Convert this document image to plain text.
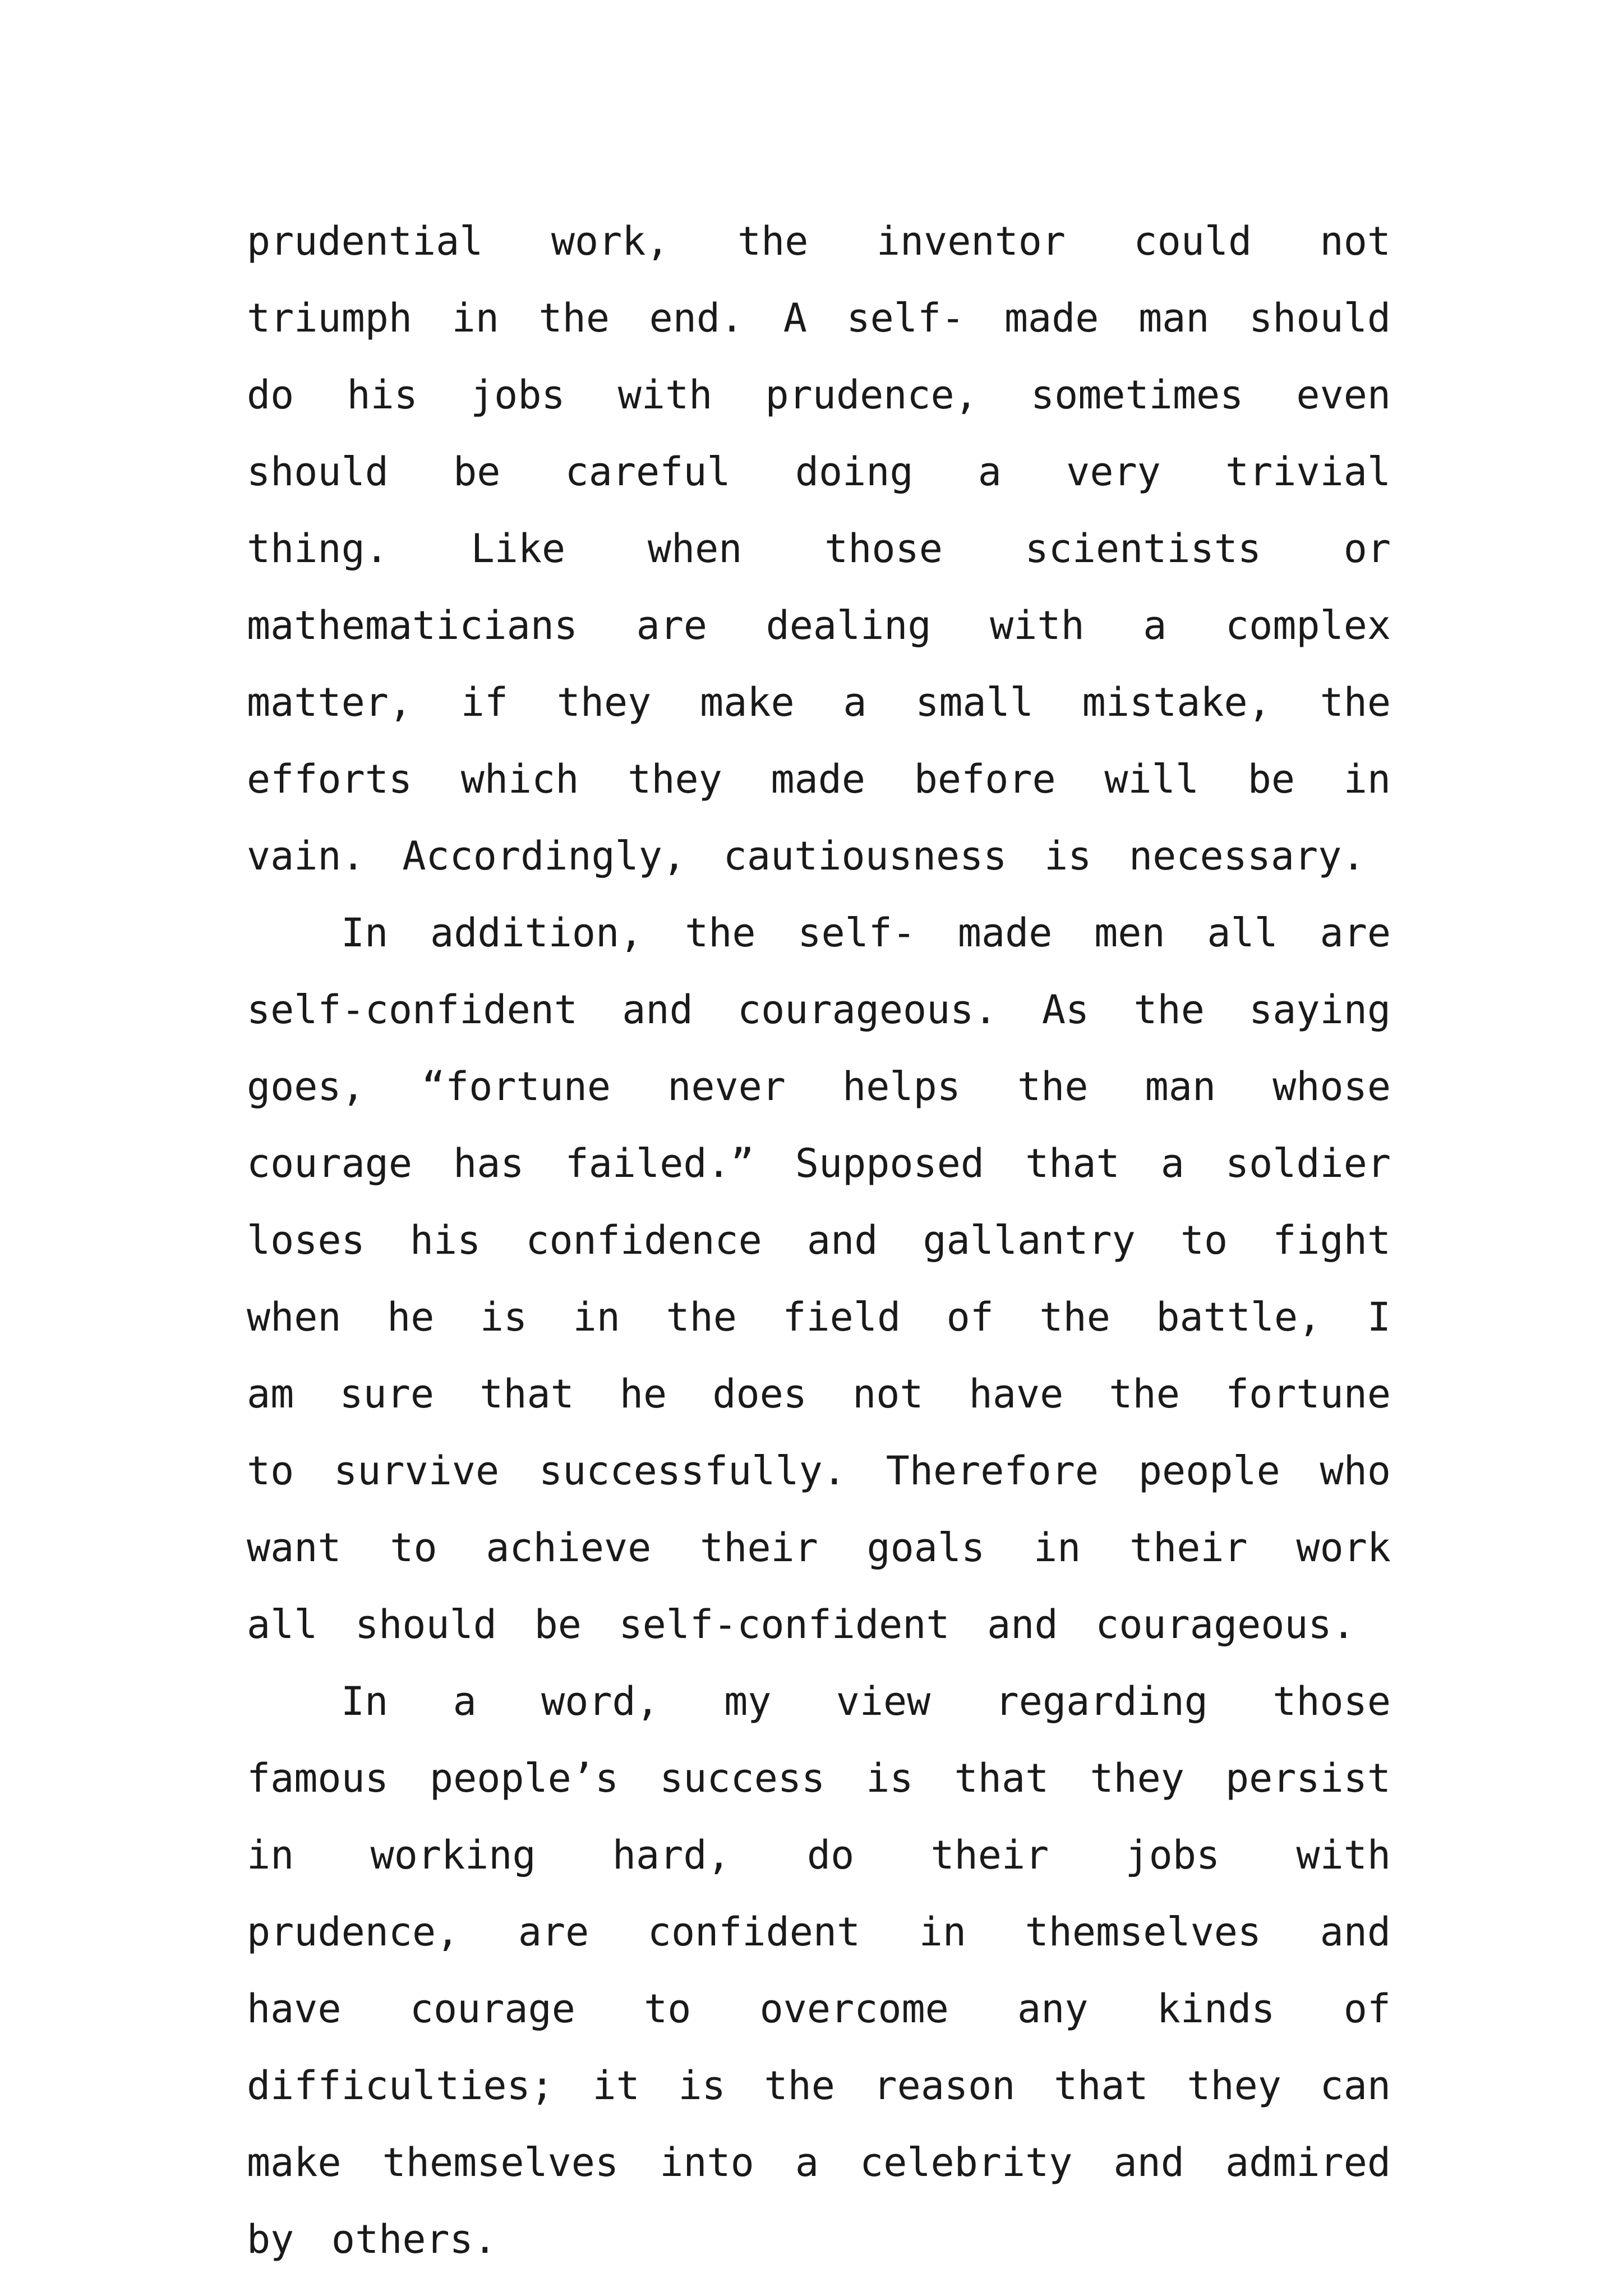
prudential work, the inventor could not triumph in the end. A self- made man should do his jobs with prudence, sometimes even should be careful doing a very trivial thing. Like when those scientists or mathematicians are dealing with a complex matter, if they make a small mistake, the efforts which they made before will be in vain. Accordingly, cautiousness is necessary.

In addition, the self- made men all are self-confident and courageous. As the saying goes, “fortune never helps the man whose courage has failed.” Supposed that a soldier loses his confidence and gallantry to fight when he is in the field of the battle, I am sure that he does not have the fortune to survive successfully. Therefore people who want to achieve their goals in their work all should be self-confident and courageous.

In a word, my view regarding those famous people’s success is that they persist in working hard, do their jobs with prudence, are confident in themselves and have courage to overcome any kinds of difficulties; it is the reason that they can make themselves into a celebrity and admired by others.
